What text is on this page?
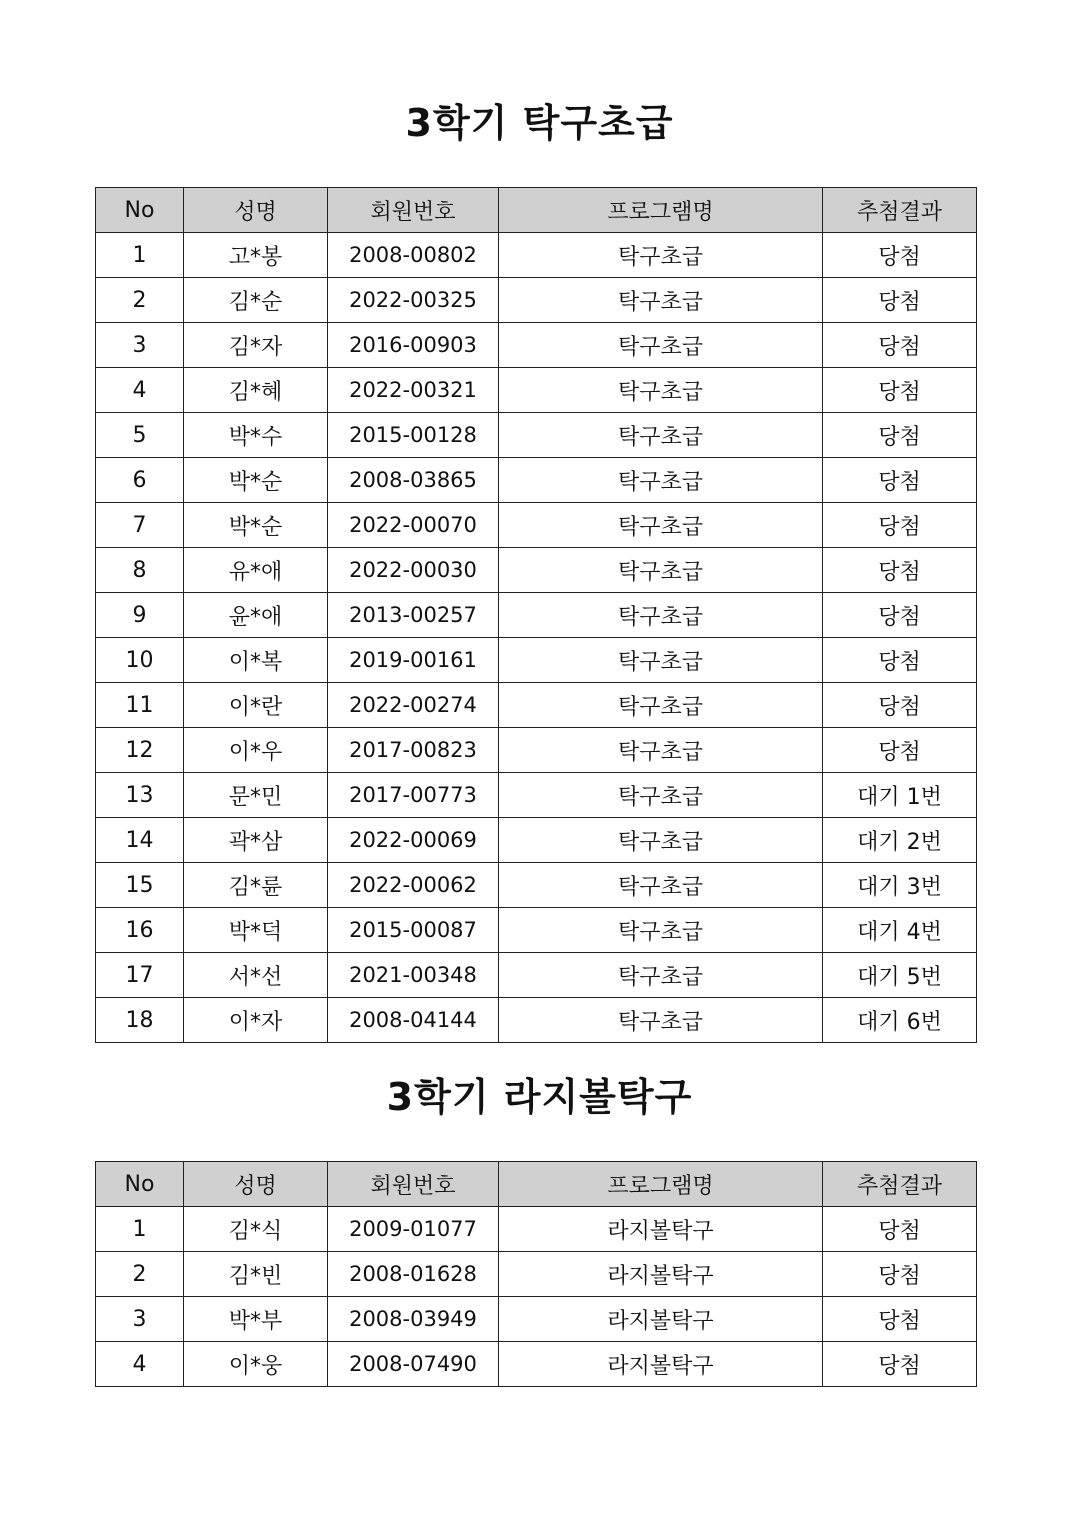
3학기 탁구초급
No	성명	회원번호	프로그램명	추첨결과
1	고*봉	2008-00802	탁구초급	당첨
2	김*순	2022-00325	탁구초급	당첨
3	김*자	2016-00903	탁구초급	당첨
4	김*혜	2022-00321	탁구초급	당첨
5	박*수	2015-00128	탁구초급	당첨
6	박*순	2008-03865	탁구초급	당첨
7	박*순	2022-00070	탁구초급	당첨
8	유*애	2022-00030	탁구초급	당첨
9	윤*애	2013-00257	탁구초급	당첨
10	이*복	2019-00161	탁구초급	당첨
11	이*란	2022-00274	탁구초급	당첨
12	이*우	2017-00823	탁구초급	당첨
13	문*민	2017-00773	탁구초급	대기 1번
14	곽*삼	2022-00069	탁구초급	대기 2번
15	김*륜	2022-00062	탁구초급	대기 3번
16	박*덕	2015-00087	탁구초급	대기 4번
17	서*선	2021-00348	탁구초급	대기 5번
18	이*자	2008-04144	탁구초급	대기 6번
3학기 라지볼탁구
No	성명	회원번호	프로그램명	추첨결과
1	김*식	2009-01077	라지볼탁구	당첨
2	김*빈	2008-01628	라지볼탁구	당첨
3	박*부	2008-03949	라지볼탁구	당첨
4	이*웅	2008-07490	라지볼탁구	당첨
